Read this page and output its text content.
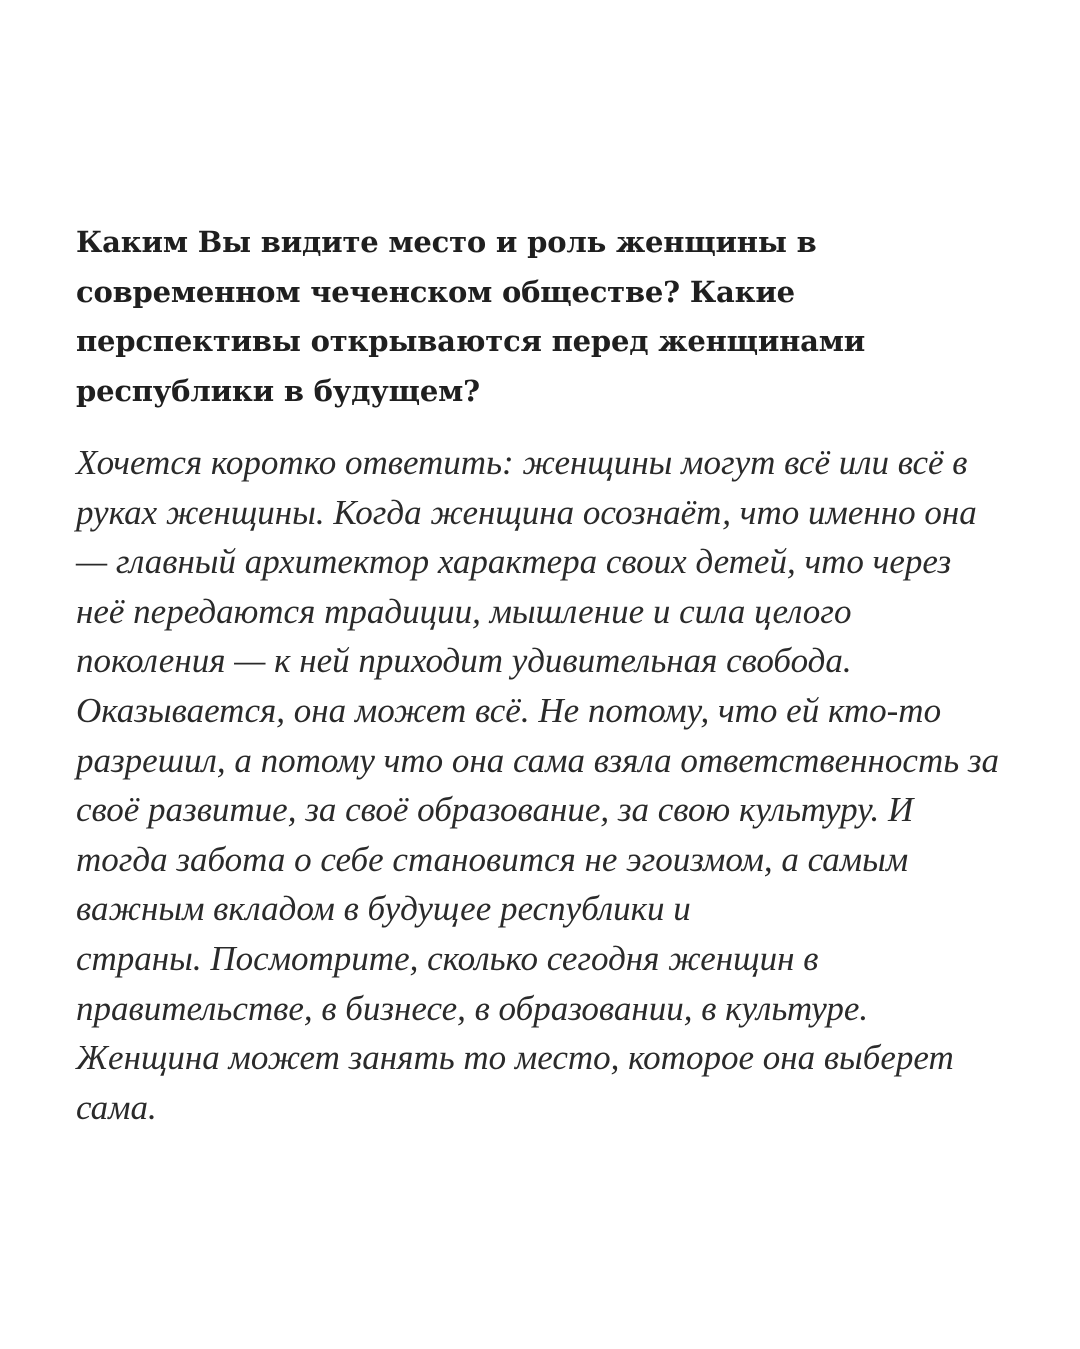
Каким Вы видите место и роль женщины в
современном чеченском обществе? Какие
перспективы открываются перед женщинами
республики в будущем?

Хочется коротко ответить: женщины могут всё или всё в
руках женщины. Когда женщина осознаёт, что именно она
— главный архитектор характера своих детей, что через
неё передаются традиции, мышление и сила целого
поколения — к ней приходит удивительная свобода.
Оказывается, она может всё. Не потому, что ей кто-то
разрешил, а потому что она сама взяла ответственность за
своё развитие, за своё образование, за свою культуру. И
тогда забота о себе становится не эгоизмом, а самым
важным вкладом в будущее республики и
страны. Посмотрите, сколько сегодня женщин в
правительстве, в бизнесе, в образовании, в культуре.
Женщина может занять то место, которое она выберет
сама.
